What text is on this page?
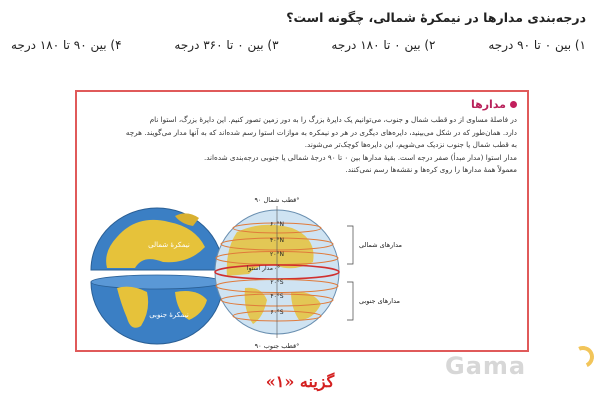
درجه‌بندی مدارها در نیمکرهٔ شمالی، چگونه است؟
۱) بین ۰ تا ۹۰ درجه
۲) بین ۰ تا ۱۸۰ درجه
۳) بین ۰ تا ۳۶۰ درجه
۴) بین ۹۰ تا ۱۸۰ درجه
مدارها

در فاصلهٔ مساوی از دو قطب شمال و جنوب، می‌توانیم یک دایرهٔ بزرگ را به دور زمین تصور کنیم. این دایرهٔ بزرگ، استوا نام

دارد. همان‌طور که در شکل می‌بینید، دایره‌های دیگری در هر دو نیمکره به موازات استوا رسم شده‌اند که به آنها مدار می‌گویند. هرچه

به قطب شمال یا جنوب نزدیک می‌شویم، این دایره‌ها کوچک‌تر می‌شوند.

مدار استوا (مدار مبدأ) صفر درجه است. بقیهٔ مدارها بین ۰ تا ۹۰ درجهٔ شمالی یا جنوبی درجه‌بندی شده‌اند.

معمولاً همهٔ مدارها را روی کره‌ها و نقشه‌ها رسم نمی‌کنند.

نیمکرهٔ شمالی
نیمکرهٔ جنوبی
۶۰°N
۴۰°N
۲۰°N
۰°
۲۰°S
۴۰°S
۶۰°S
قطب شمال ۹۰°
قطب جنوب ۹۰°
مدار استوا
مدارهای شمالی
مدارهای جنوبی
گزینه «۱»
Gama
